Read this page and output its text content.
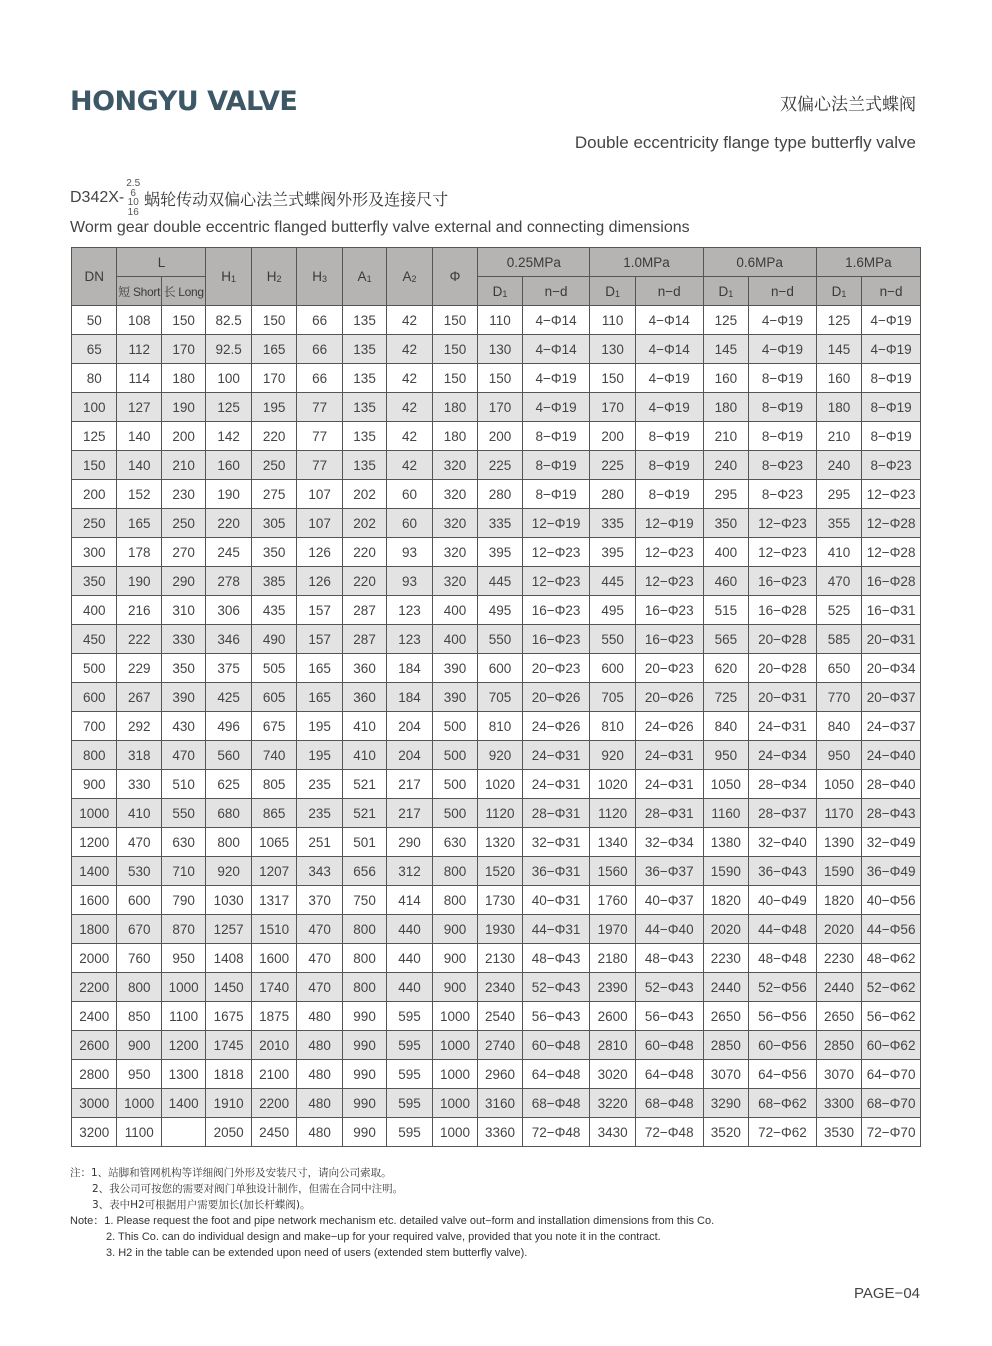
HONGYU VALVE	双偏心法兰式蝶阀
Double eccentricity flange type butterfly valve
D342X-
2.5
6
10
16
蜗轮传动双偏心法兰式蝶阀外形及连接尺寸
Worm gear double eccentric flanged butterfly valve external and connecting dimensions
DN	L		$H_1$	$H_2$	$H_3$	$A_1$	$A_2$	Φ	0.25MPa		1.0MPa		0.6MPa		1.6MPa	
	短 Short	长 Long							$D_1$	n−d	$D_1$	n−d	$D_1$	n−d	$D_1$	n−d
50	108	150	82.5	150	66	135	42	150	110	4−Φ14	110	4−Φ14	125	4−Φ19	125	4−Φ19
65	112	170	92.5	165	66	135	42	150	130	4−Φ14	130	4−Φ14	145	4−Φ19	145	4−Φ19
80	114	180	100	170	66	135	42	150	150	4−Φ19	150	4−Φ19	160	8−Φ19	160	8−Φ19
100	127	190	125	195	77	135	42	180	170	4−Φ19	170	4−Φ19	180	8−Φ19	180	8−Φ19
125	140	200	142	220	77	135	42	180	200	8−Φ19	200	8−Φ19	210	8−Φ19	210	8−Φ19
150	140	210	160	250	77	135	42	320	225	8−Φ19	225	8−Φ19	240	8−Φ23	240	8−Φ23
200	152	230	190	275	107	202	60	320	280	8−Φ19	280	8−Φ19	295	8−Φ23	295	12−Φ23
250	165	250	220	305	107	202	60	320	335	12−Φ19	335	12−Φ19	350	12−Φ23	355	12−Φ28
300	178	270	245	350	126	220	93	320	395	12−Φ23	395	12−Φ23	400	12−Φ23	410	12−Φ28
350	190	290	278	385	126	220	93	320	445	12−Φ23	445	12−Φ23	460	16−Φ23	470	16−Φ28
400	216	310	306	435	157	287	123	400	495	16−Φ23	495	16−Φ23	515	16−Φ28	525	16−Φ31
450	222	330	346	490	157	287	123	400	550	16−Φ23	550	16−Φ23	565	20−Φ28	585	20−Φ31
500	229	350	375	505	165	360	184	390	600	20−Φ23	600	20−Φ23	620	20−Φ28	650	20−Φ34
600	267	390	425	605	165	360	184	390	705	20−Φ26	705	20−Φ26	725	20−Φ31	770	20−Φ37
700	292	430	496	675	195	410	204	500	810	24−Φ26	810	24−Φ26	840	24−Φ31	840	24−Φ37
800	318	470	560	740	195	410	204	500	920	24−Φ31	920	24−Φ31	950	24−Φ34	950	24−Φ40
900	330	510	625	805	235	521	217	500	1020	24−Φ31	1020	24−Φ31	1050	28−Φ34	1050	28−Φ40
1000	410	550	680	865	235	521	217	500	1120	28−Φ31	1120	28−Φ31	1160	28−Φ37	1170	28−Φ43
1200	470	630	800	1065	251	501	290	630	1320	32−Φ31	1340	32−Φ34	1380	32−Φ40	1390	32−Φ49
1400	530	710	920	1207	343	656	312	800	1520	36−Φ31	1560	36−Φ37	1590	36−Φ43	1590	36−Φ49
1600	600	790	1030	1317	370	750	414	800	1730	40−Φ31	1760	40−Φ37	1820	40−Φ49	1820	40−Φ56
1800	670	870	1257	1510	470	800	440	900	1930	44−Φ31	1970	44−Φ40	2020	44−Φ48	2020	44−Φ56
2000	760	950	1408	1600	470	800	440	900	2130	48−Φ43	2180	48−Φ43	2230	48−Φ48	2230	48−Φ62
2200	800	1000	1450	1740	470	800	440	900	2340	52−Φ43	2390	52−Φ43	2440	52−Φ56	2440	52−Φ62
2400	850	1100	1675	1875	480	990	595	1000	2540	56−Φ43	2600	56−Φ43	2650	56−Φ56	2650	56−Φ62
2600	900	1200	1745	2010	480	990	595	1000	2740	60−Φ48	2810	60−Φ48	2850	60−Φ56	2850	60−Φ62
2800	950	1300	1818	2100	480	990	595	1000	2960	64−Φ48	3020	64−Φ48	3070	64−Φ56	3070	64−Φ70
3000	1000	1400	1910	2200	480	990	595	1000	3160	68−Φ48	3220	68−Φ48	3290	68−Φ62	3300	68−Φ70
3200	1100		2050	2450	480	990	595	1000	3360	72−Φ48	3430	72−Φ48	3520	72−Φ62	3530	72−Φ70
注：1、站脚和管网机构等详细阀门外形及安装尺寸，请向公司索取。
2、我公司可按您的需要对阀门单独设计制作，但需在合同中注明。
3、表中H2可根据用户需要加长(加长杆蝶阀)。
Note：1. Please request the foot and pipe network mechanism etc. detailed valve out−form and installation dimensions from this Co.
2. This Co. can do individual design and make−up for your required valve, provided that you note it in the contract.
3. H2 in the table can be extended upon need of users (extended stem butterfly valve).
PAGE−04
